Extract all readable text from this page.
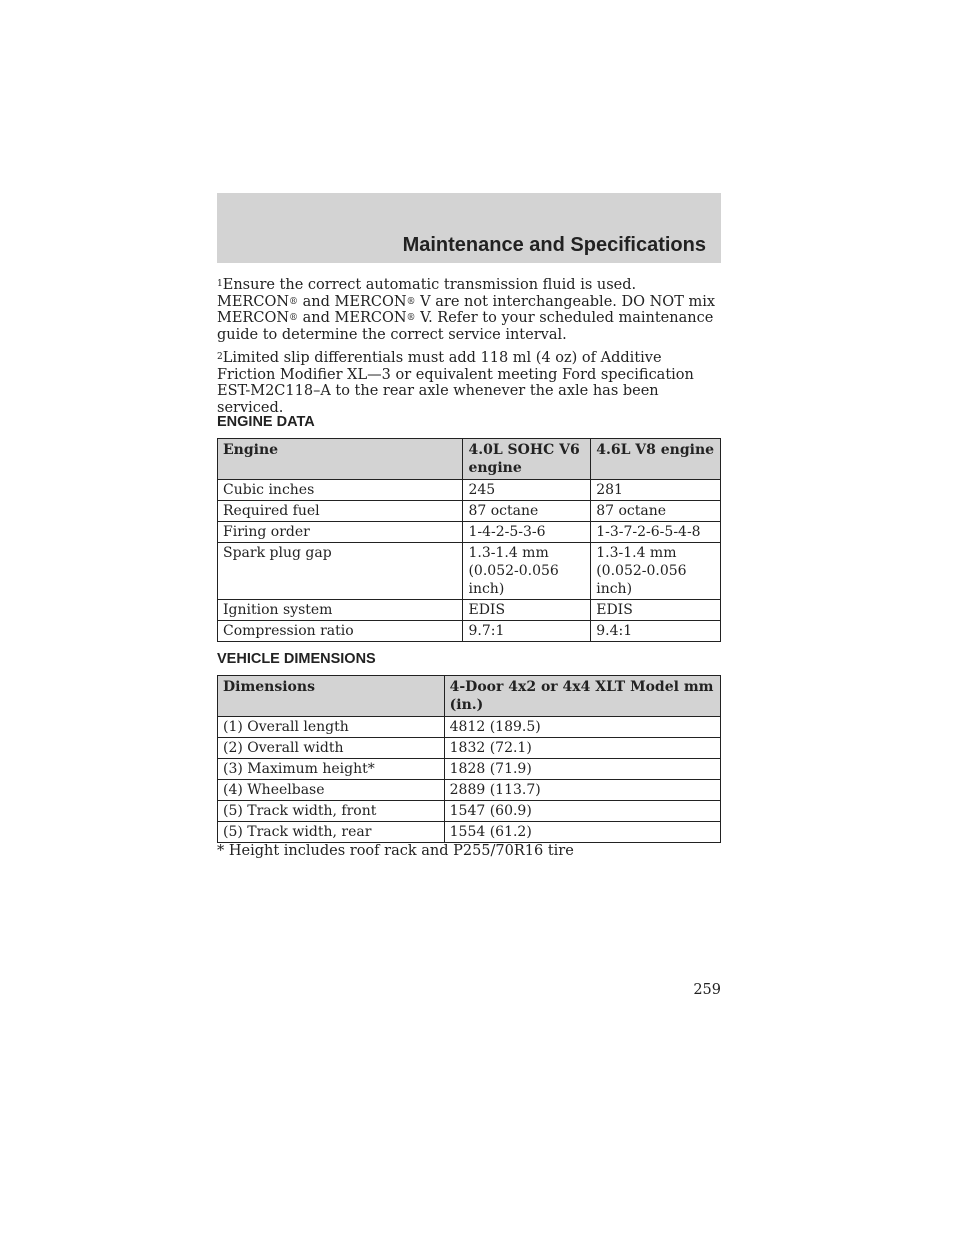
Maintenance and Specifications

$^1$Ensure the correct automatic transmission fluid is used. MERCON® and MERCON® V are not interchangeable. DO NOT mix MERCON® and MERCON® V. Refer to your scheduled maintenance guide to determine the correct service interval.

$^2$Limited slip differentials must add 118 ml (4 oz) of Additive Friction Modifier XL—3 or equivalent meeting Ford specification EST-M2C118–A to the rear axle whenever the axle has been serviced.

ENGINE DATA
Engine	4.0L SOHC V6 engine	4.6L V8 engine
Cubic inches	245	281
Required fuel	87 octane	87 octane
Firing order	1-4-2-5-3-6	1-3-7-2-6-5-4-8
Spark plug gap	1.3-1.4 mm (0.052-0.056 inch)	1.3-1.4 mm (0.052-0.056 inch)
Ignition system	EDIS	EDIS
Compression ratio	9.7:1	9.4:1
VEHICLE DIMENSIONS
Dimensions	4-Door 4x2 or 4x4 XLT Model mm (in.)
(1) Overall length	4812 (189.5)
(2) Overall width	1832 (72.1)
(3) Maximum height*	1828 (71.9)
(4) Wheelbase	2889 (113.7)
(5) Track width, front	1547 (60.9)
(5) Track width, rear	1554 (61.2)
* Height includes roof rack and P255/70R16 tire
259
